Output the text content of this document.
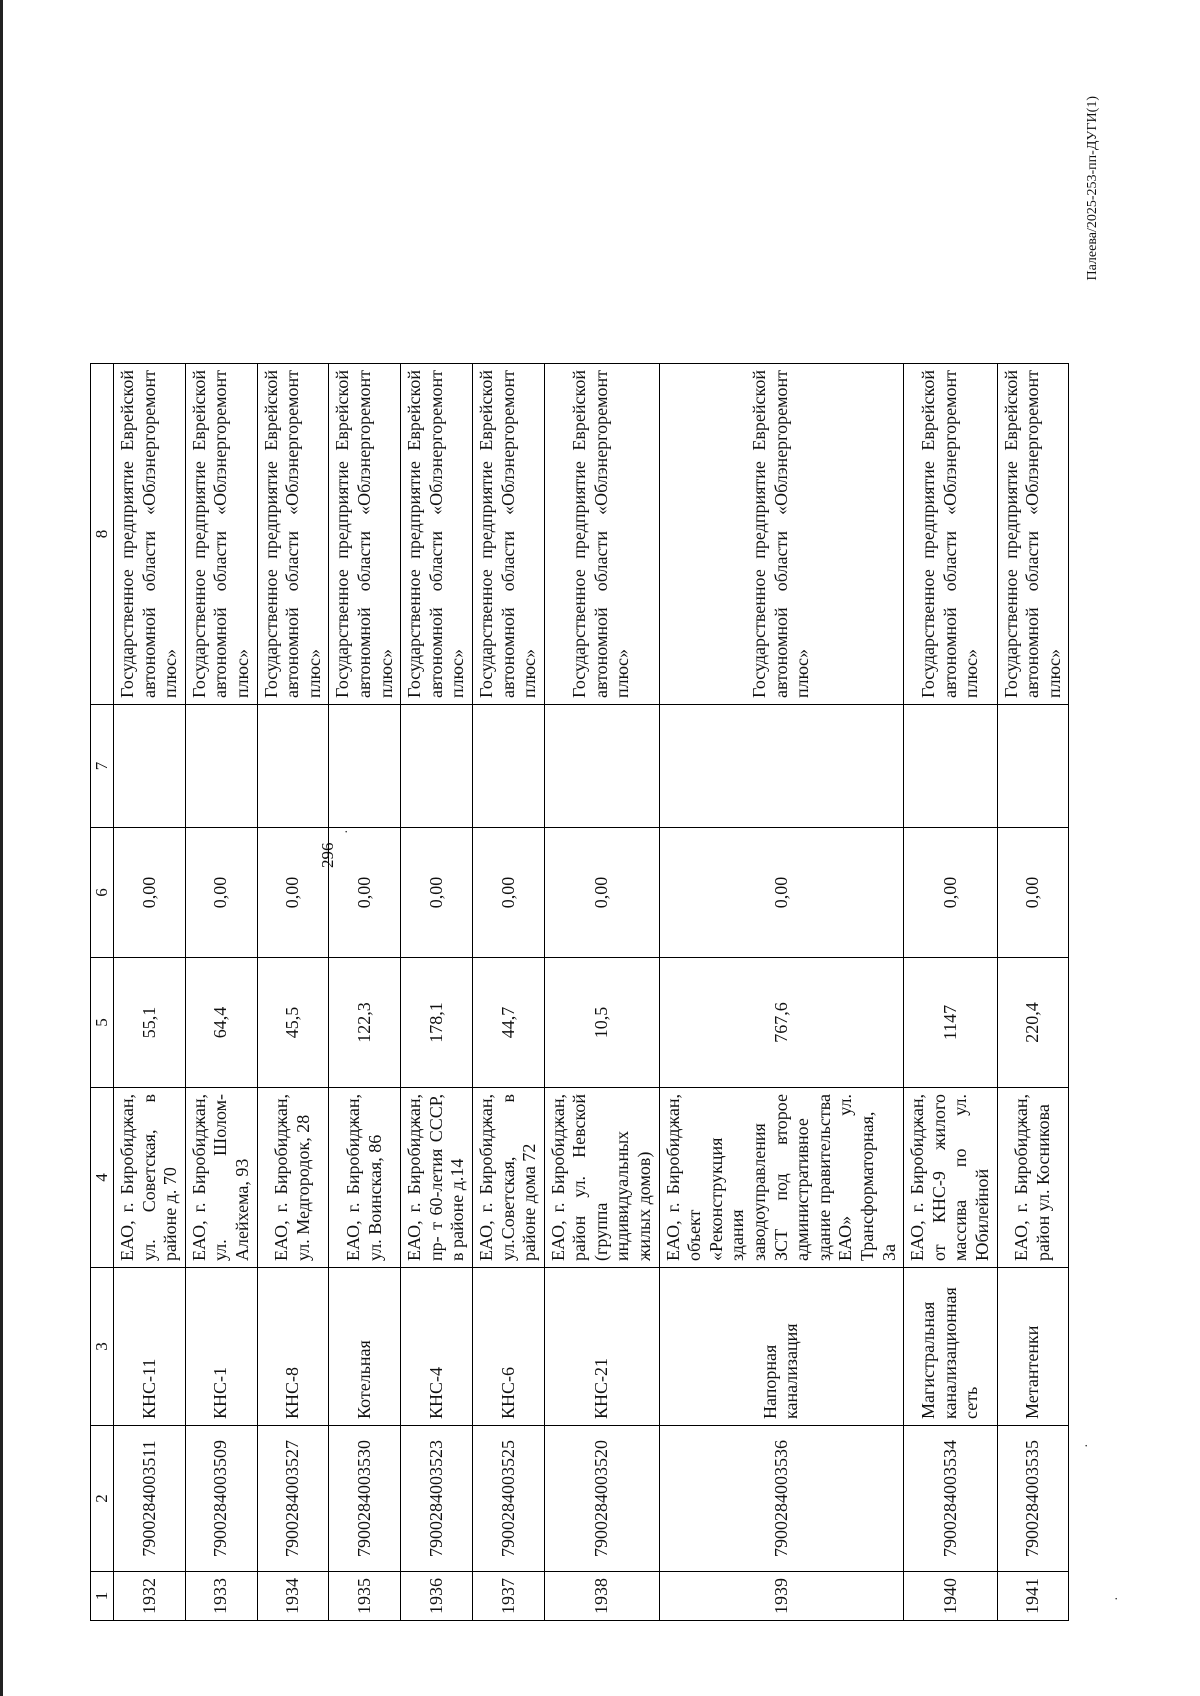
296
·
·
·
1	2	3	4	5	6	7	8
1932	7900284003511	КНС-11	ЕАО, г. Биробиджан, ул. Советская, в районе д. 70	55,1	0,00		Государственное предприятие Еврейской автономной области «Облэнергоремонт плюс»
1933	7900284003509	КНС-1	ЕАО, г. Биробиджан, ул. Шолом-Алейхема, 93	64,4	0,00		Государственное предприятие Еврейской автономной области «Облэнергоремонт плюс»
1934	7900284003527	КНС-8	ЕАО, г. Биробиджан, ул. Медгородок, 28	45,5	0,00		Государственное предприятие Еврейской автономной области «Облэнергоремонт плюс»
1935	7900284003530	Котельная	ЕАО, г. Биробиджан, ул. Воинская, 86	122,3	0,00		Государственное предприятие Еврейской автономной области «Облэнергоремонт плюс»
1936	7900284003523	КНС-4	ЕАО, г. Биробиджан, пр- т 60-летия СССР, в районе д.14	178,1	0,00		Государственное предприятие Еврейской автономной области «Облэнергоремонт плюс»
1937	7900284003525	КНС-6	ЕАО, г. Биробиджан, ул.Советская, в районе дома 72	44,7	0,00		Государственное предприятие Еврейской автономной области «Облэнергоремонт плюс»
1938	7900284003520	КНС-21	ЕАО, г. Биробиджан, район ул. Невской (группа индивидуальных жилых домов)	10,5	0,00		Государственное предприятие Еврейской автономной области «Облэнергоремонт плюс»
1939	7900284003536	Напорная канализация	ЕАО, г. Биробиджан, объект «Реконструкция здания заводоуправления ЗСТ под второе административное здание правительства ЕАО» ул. Трансформаторная, 3а	767,6	0,00		Государственное предприятие Еврейской автономной области «Облэнергоремонт плюс»
1940	7900284003534	Магистральная канализационная сеть	ЕАО, г. Биробиджан, от КНС-9 жилого массива по ул. Юбилейной	1147	0,00		Государственное предприятие Еврейской автономной области «Облэнергоремонт плюс»
1941	7900284003535	Метантенки	ЕАО, г. Биробиджан, район ул. Косникова	220,4	0,00		Государственное предприятие Еврейской автономной области «Облэнергоремонт плюс»
Палеева/2025-253-пп-ДУГИ(1)
